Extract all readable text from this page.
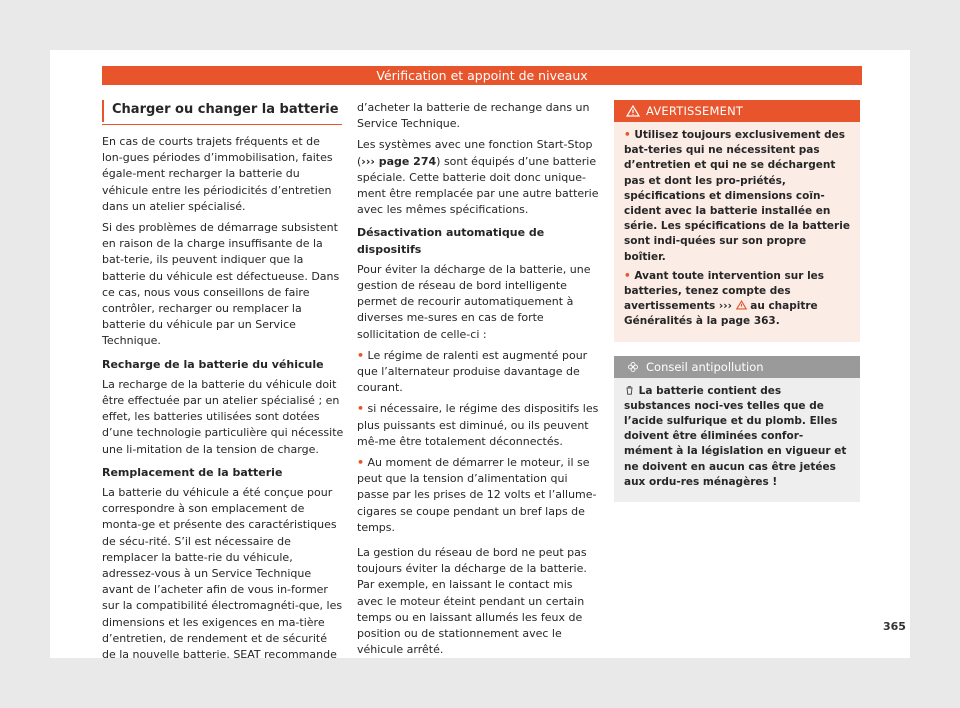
Vérification et appoint de niveaux
Charger ou changer la batterie

En cas de courts trajets fréquents et de lon-gues périodes d’immobilisation, faites égale-ment recharger la batterie du véhicule entre les périodicités d’entretien dans un atelier spécialisé.

Si des problèmes de démarrage subsistent en raison de la charge insuffisante de la bat-terie, ils peuvent indiquer que la batterie du véhicule est défectueuse. Dans ce cas, nous vous conseillons de faire contrôler, recharger ou remplacer la batterie du véhicule par un Service Technique.

Recharge de la batterie du véhicule

La recharge de la batterie du véhicule doit être effectuée par un atelier spécialisé ; en effet, les batteries utilisées sont dotées d’une technologie particulière qui nécessite une li-mitation de la tension de charge.

Remplacement de la batterie

La batterie du véhicule a été conçue pour correspondre à son emplacement de monta-ge et présente des caractéristiques de sécu-rité. S’il est nécessaire de remplacer la batte-rie du véhicule, adressez-vous à un Service Technique avant de l’acheter afin de vous in-former sur la compatibilité électromagnéti-que, les dimensions et les exigences en ma-tière d’entretien, de rendement et de sécurité de la nouvelle batterie. SEAT recommande

d’acheter la batterie de rechange dans un Service Technique.

Les systèmes avec une fonction Start-Stop (››› page 274) sont équipés d’une batterie spéciale. Cette batterie doit donc unique-ment être remplacée par une autre batterie avec les mêmes spécifications.

Désactivation automatique de dispositifs

Pour éviter la décharge de la batterie, une gestion de réseau de bord intelligente permet de recourir automatiquement à diverses me-sures en cas de forte sollicitation de celle-ci :

• Le régime de ralenti est augmenté pour que l’alternateur produise davantage de courant.

• si nécessaire, le régime des dispositifs les plus puissants est diminué, ou ils peuvent mê-me être totalement déconnectés.

• Au moment de démarrer le moteur, il se peut que la tension d’alimentation qui passe par les prises de 12 volts et l’allume-cigares se coupe pendant un bref laps de temps.

La gestion du réseau de bord ne peut pas toujours éviter la décharge de la batterie. Par exemple, en laissant le contact mis avec le moteur éteint pendant un certain temps ou en laissant allumés les feux de position ou de stationnement avec le véhicule arrêté.

AVERTISSEMENT

• Utilisez toujours exclusivement des bat-teries qui ne nécessitent pas d’entretien et qui ne se déchargent pas et dont les pro-priétés, spécifications et dimensions coïn-cident avec la batterie installée en série. Les spécifications de la batterie sont indi-quées sur son propre boîtier.

• Avant toute intervention sur les batteries, tenez compte des avertissements ››› au chapitre Généralités à la page 363.

Conseil antipollution
La batterie contient des substances noci-ves telles que de l’acide sulfurique et du plomb. Elles doivent être éliminées confor-mément à la législation en vigueur et ne doivent en aucun cas être jetées aux ordu-res ménagères !
365
